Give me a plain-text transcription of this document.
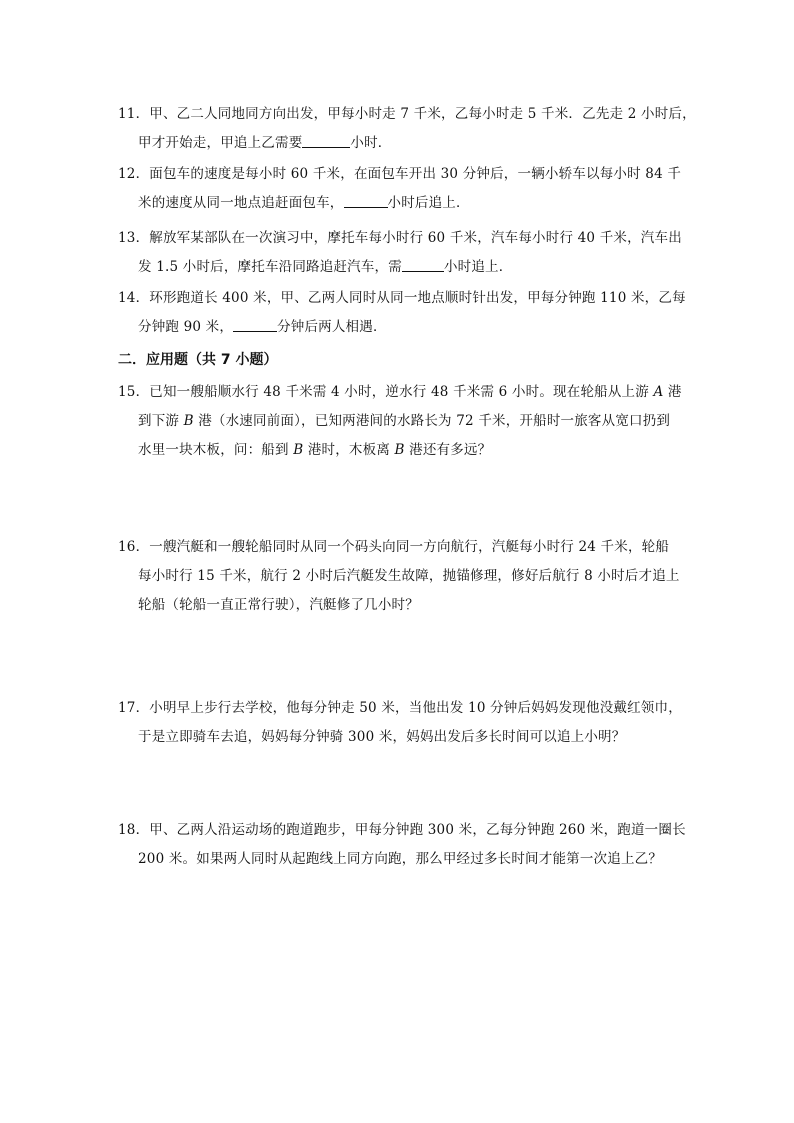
11．甲、乙二人同地同方向出发，甲每小时走 7 千米，乙每小时走 5 千米．乙先走 2 小时后，
甲才开始走，甲追上乙需要	小时．
12．面包车的速度是每小时 60 千米，在面包车开出 30 分钟后，一辆小轿车以每小时 84 千
米的速度从同一地点追赶面包车，	小时后追上．
13．解放军某部队在一次演习中，摩托车每小时行 60 千米，汽车每小时行 40 千米，汽车出
发 1.5 小时后，摩托车沿同路追赶汽车，需	小时追上．
14．环形跑道长 400 米，甲、乙两人同时从同一地点顺时针出发，甲每分钟跑 110 米，乙每
分钟跑 90 米，	分钟后两人相遇．
二．应用题（共 7 小题）
15．已知一艘船顺水行 48 千米需 4 小时，逆水行 48 千米需 6 小时。现在轮船从上游 A 港
到下游 B 港（水速同前面），已知两港间的水路长为 72 千米，开船时一旅客从宽口扔到
水里一块木板，问：船到 B 港时，木板离 B 港还有多远？
16．一艘汽艇和一艘轮船同时从同一个码头向同一方向航行，汽艇每小时行 24 千米，轮船
每小时行 15 千米，航行 2 小时后汽艇发生故障，抛锚修理，修好后航行 8 小时后才追上
轮船（轮船一直正常行驶），汽艇修了几小时？
17．小明早上步行去学校，他每分钟走 50 米，当他出发 10 分钟后妈妈发现他没戴红领巾，
于是立即骑车去追，妈妈每分钟骑 300 米，妈妈出发后多长时间可以追上小明？
18．甲、乙两人沿运动场的跑道跑步，甲每分钟跑 300 米，乙每分钟跑 260 米，跑道一圈长
200 米。如果两人同时从起跑线上同方向跑，那么甲经过多长时间才能第一次追上乙？
